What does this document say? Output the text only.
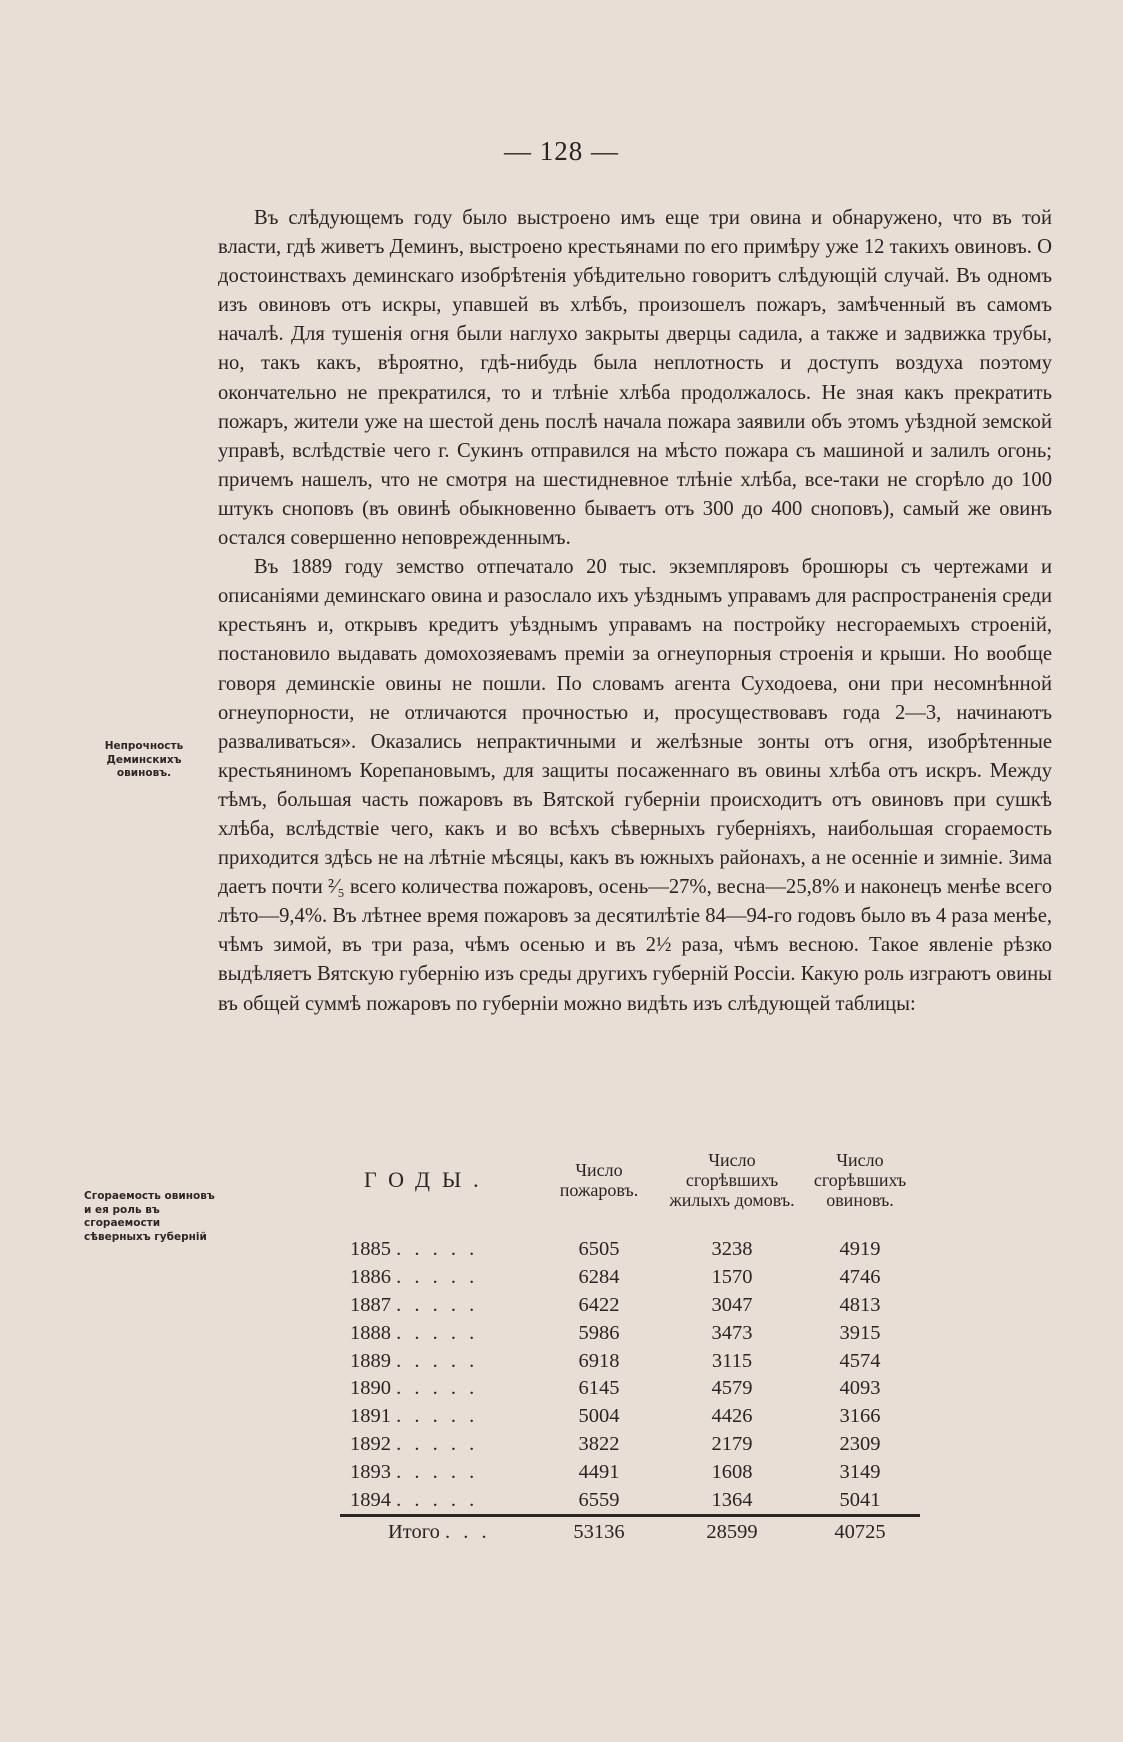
— 128 —

Въ слѣдующемъ году было выстроено имъ еще три овина и обнаружено, что въ той власти, гдѣ живетъ Деминъ, выстроено крестьянами по его примѣру уже 12 такихъ овиновъ. О достоинствахъ деминскаго изобрѣтенія убѣдительно говоритъ слѣдующій случай. Въ одномъ изъ овиновъ отъ искры, упавшей въ хлѣбъ, произошелъ пожаръ, замѣченный въ самомъ началѣ. Для тушенія огня были наглухо закрыты дверцы садила, а также и задвижка трубы, но, такъ какъ, вѣроятно, гдѣ-нибудь была неплотность и доступъ воздуха поэтому окончательно не прекратился, то и тлѣніе хлѣба продолжалось. Не зная какъ прекратить пожаръ, жители уже на шестой день послѣ начала пожара заявили объ этомъ уѣздной земской управѣ, вслѣдствіе чего г. Сукинъ отправился на мѣсто пожара съ машиной и залилъ огонь; причемъ нашелъ, что не смотря на шестидневное тлѣніе хлѣба, все-таки не сгорѣло до 100 штукъ сноповъ (въ овинѣ обыкновенно бываетъ отъ 300 до 400 сноповъ), самый же овинъ остался совершенно неповрежденнымъ.

Въ 1889 году земство отпечатало 20 тыс. экземпляровъ брошюры съ чертежами и описаніями деминскаго овина и разослало ихъ уѣзднымъ управамъ для распространенія среди крестьянъ и, открывъ кредитъ уѣзднымъ управамъ на постройку несгораемыхъ строеній, постановило выдавать домохозяевамъ преміи за огнеупорныя строенія и крыши. Но вообще говоря деминскіе овины не пошли. По словамъ агента Суходоева, они при несомнѣнной огнеупорности, не отличаются прочностью и, просуществовавъ года 2—3, начинаютъ разваливаться». Оказались непрактичными и желѣзные зонты отъ огня, изобрѣтенные крестьяниномъ Корепановымъ, для защиты посаженнаго въ овины хлѣба отъ искръ. Между тѣмъ, большая часть пожаровъ въ Вятской губерніи происходитъ отъ овиновъ при сушкѣ хлѣба, вслѣдствіе чего, какъ и во всѣхъ сѣверныхъ губерніяхъ, наибольшая сгораемость приходится здѣсь не на лѣтніе мѣсяцы, какъ въ южныхъ районахъ, а не осенніе и зимніе. Зима даетъ почти ²⁄₅ всего количества пожаровъ, осень—27%, весна—25,8% и наконецъ менѣе всего лѣто—9,4%. Въ лѣтнее время пожаровъ за десятилѣтіе 84—94-го годовъ было въ 4 раза менѣе, чѣмъ зимой, въ три раза, чѣмъ осенью и въ 2½ раза, чѣмъ весною. Такое явленіе рѣзко выдѣляетъ Вятскую губернію изъ среды другихъ губерній Россіи. Какую роль изграютъ овины въ общей суммѣ пожаровъ по губерніи можно видѣть изъ слѣдующей таблицы:

Непрочность Деминскихъ овиновъ.
Сгораемость овиновъ и ея роль въ сгораемости сѣверныхъ губерній
ГОДЫ.	Число пожаровъ.	Число сгорѣвшихъ жилыхъ домовъ.	Число сгорѣвшихъ овиновъ.
1885 . . . . .	6505	3238	4919
1886 . . . . .	6284	1570	4746
1887 . . . . .	6422	3047	4813
1888 . . . . .	5986	3473	3915
1889 . . . . .	6918	3115	4574
1890 . . . . .	6145	4579	4093
1891 . . . . .	5004	4426	3166
1892 . . . . .	3822	2179	2309
1893 . . . . .	4491	1608	3149
1894 . . . . .	6559	1364	5041
Итого . . .	53136	28599	40725
